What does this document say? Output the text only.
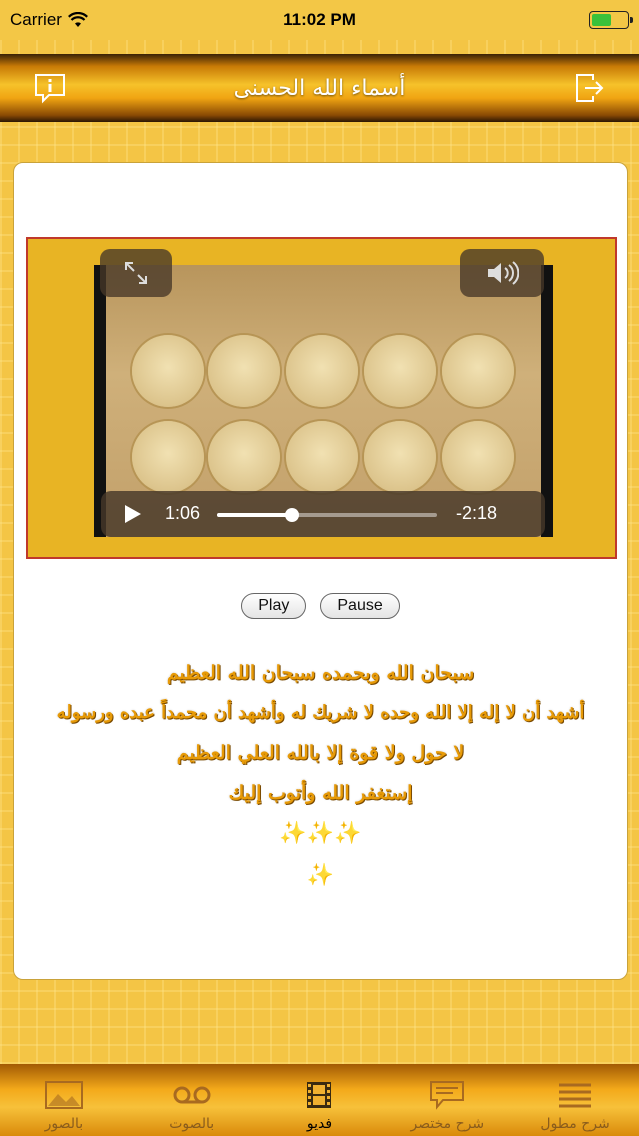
Carrier	11:02 PM
أسماء الله الحسنى
1:06	-2:18
Play	Pause
سبحان الله وبحمده سبحان الله العظيم
أشهد أن لا إله إلا الله وحده لا شريك له وأشهد أن محمداً عبده ورسوله
لا حول ولا قوة إلا بالله العلي العظيم
إستغفر الله وأتوب إليك
✨✨✨
✨
بالصور	بالصوت	فديو	شرح مختصر	شرح مطول
